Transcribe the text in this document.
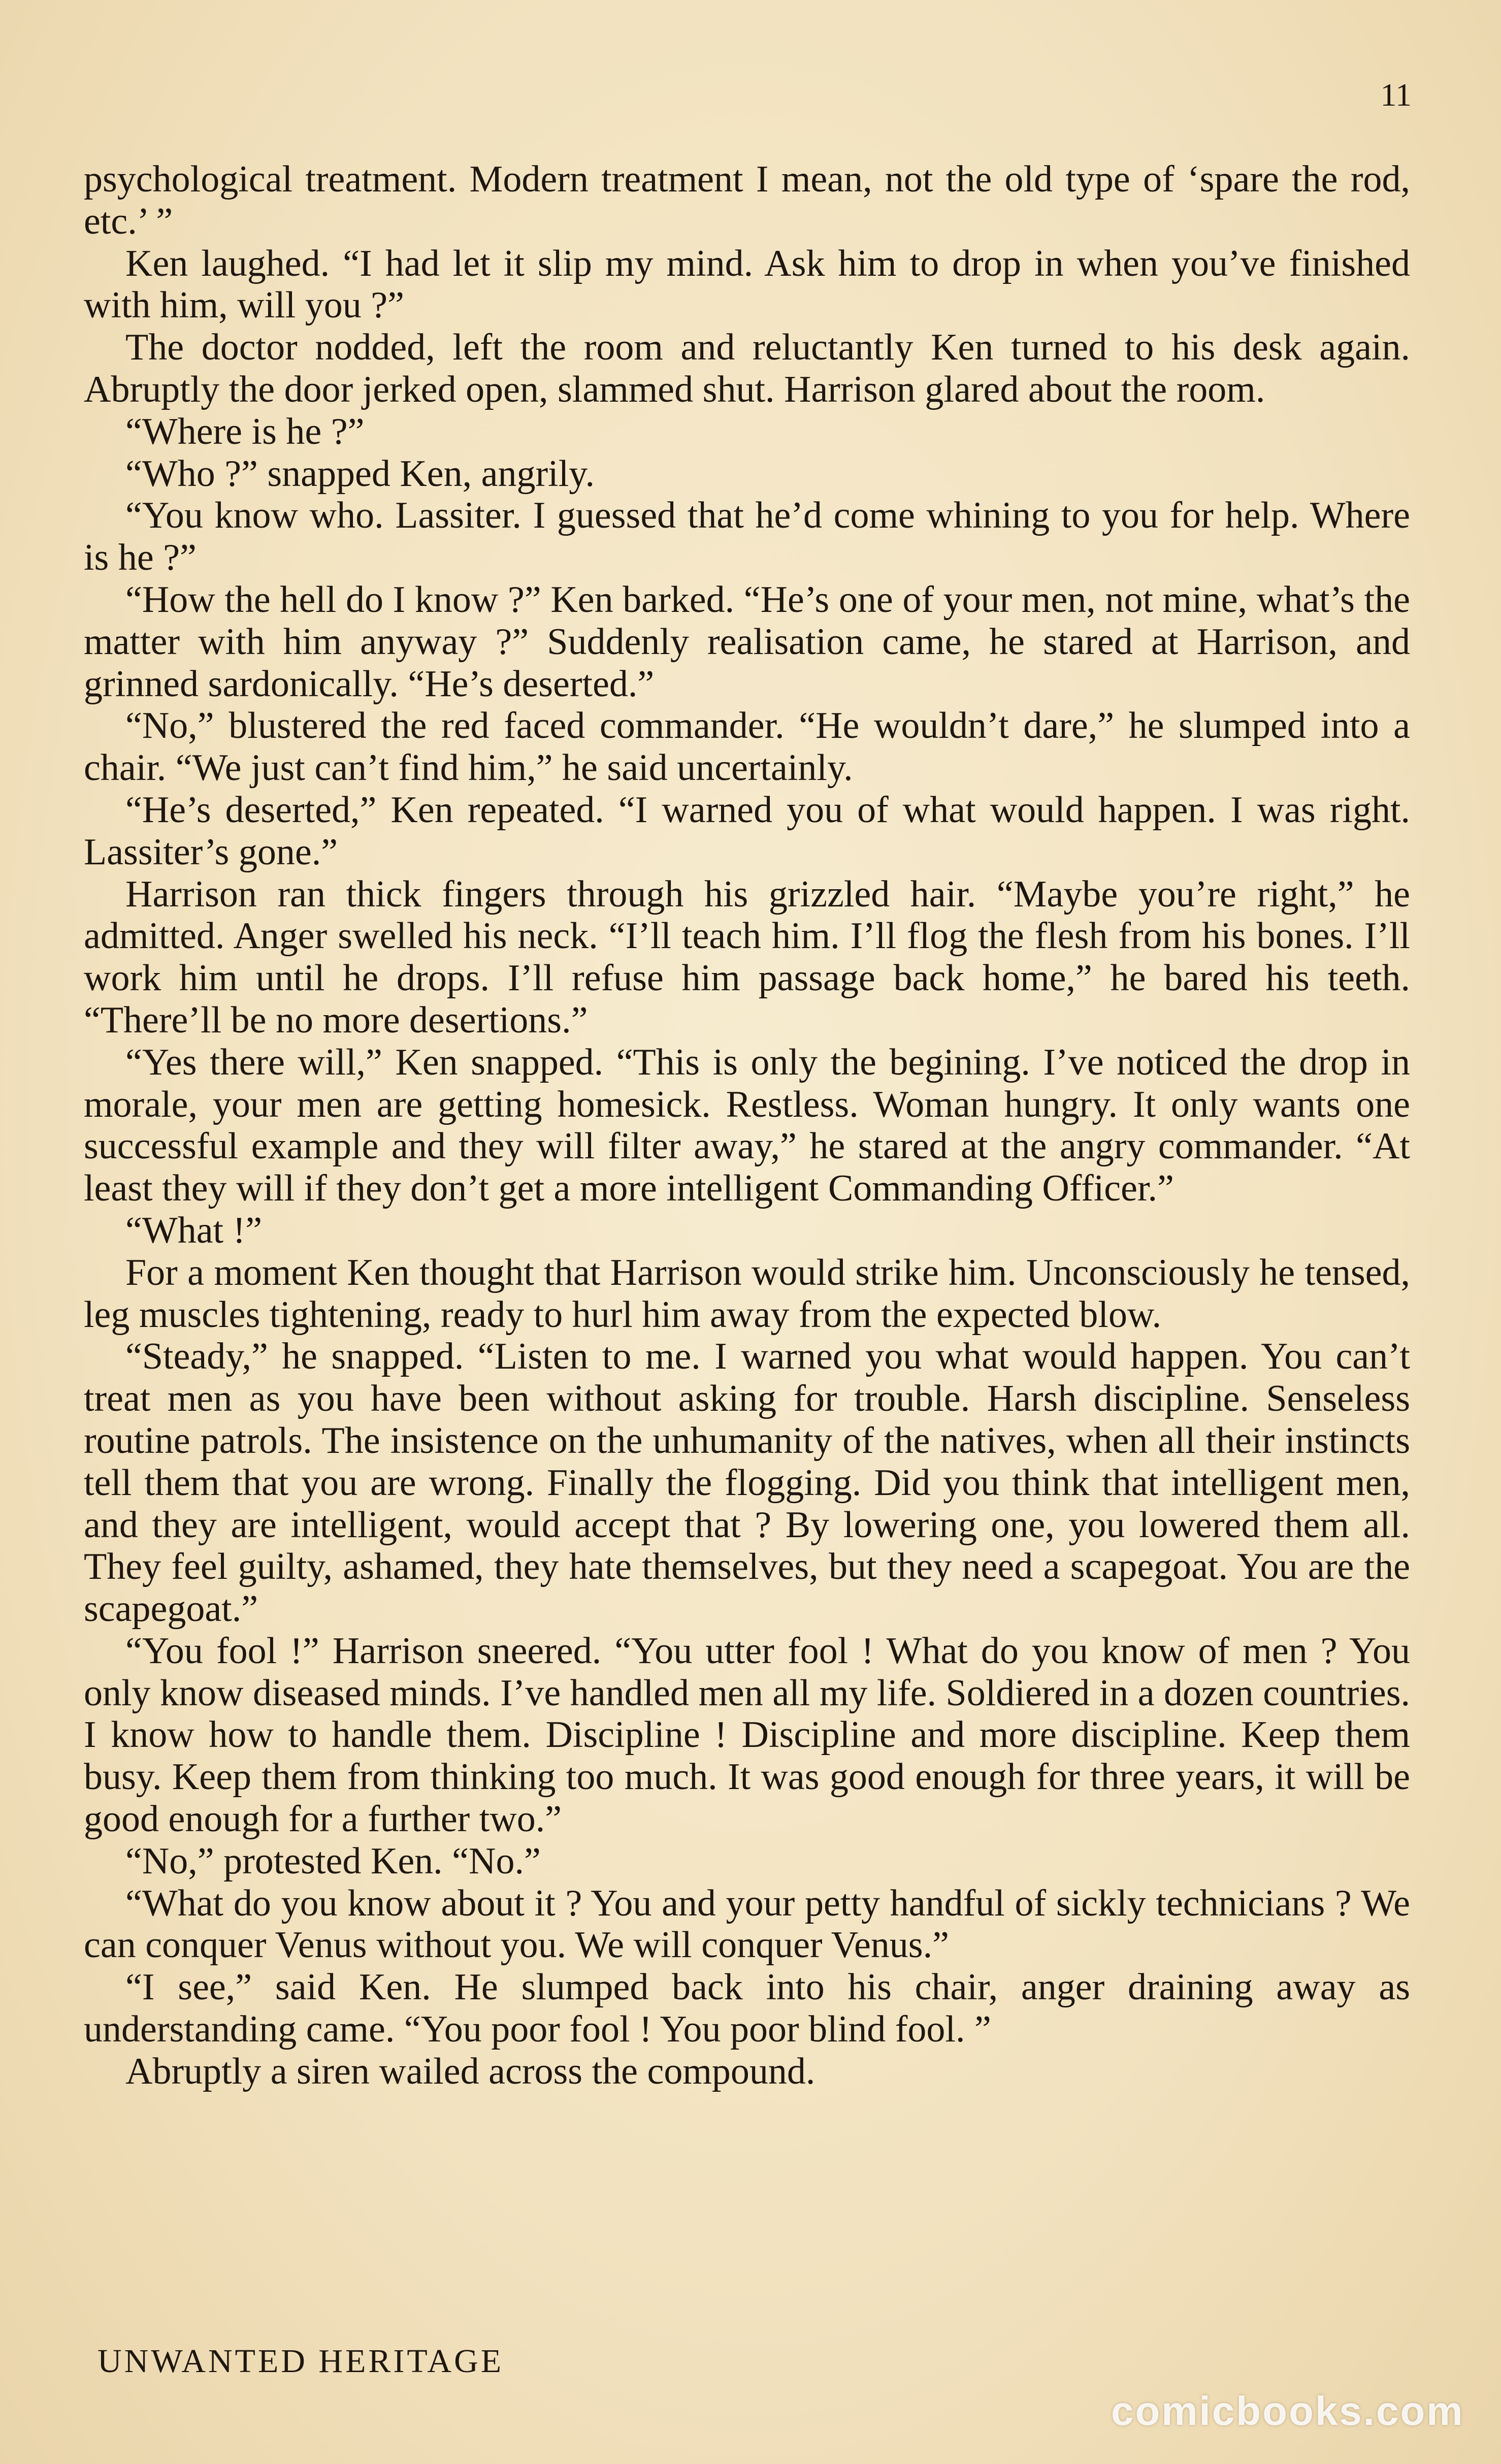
11

psychological treatment. Modern treatment I mean, not the old type of ‘spare the rod, etc.’ ”

Ken laughed. “I had let it slip my mind. Ask him to drop in when you’ve finished with him, will you ?”

The doctor nodded, left the room and reluctantly Ken turned to his desk again. Abruptly the door jerked open, slammed shut. Harrison glared about the room.

“Where is he ?”

“Who ?” snapped Ken, angrily.

“You know who. Lassiter. I guessed that he’d come whining to you for help. Where is he ?”

“How the hell do I know ?” Ken barked. “He’s one of your men, not mine, what’s the matter with him anyway ?” Suddenly realisation came, he stared at Harrison, and grinned sardonically. “He’s deserted.”

“No,” blustered the red faced commander. “He wouldn’t dare,” he slumped into a chair. “We just can’t find him,” he said uncertainly.

“He’s deserted,” Ken repeated. “I warned you of what would happen. I was right. Lassiter’s gone.”

Harrison ran thick fingers through his grizzled hair. “Maybe you’re right,” he admitted. Anger swelled his neck. “I’ll teach him. I’ll flog the flesh from his bones. I’ll work him until he drops. I’ll refuse him passage back home,” he bared his teeth. “There’ll be no more desertions.”

“Yes there will,” Ken snapped. “This is only the begining. I’ve noticed the drop in morale, your men are getting homesick. Restless. Woman hungry. It only wants one successful example and they will filter away,” he stared at the angry commander. “At least they will if they don’t get a more intelligent Commanding Officer.”

“What !”

For a moment Ken thought that Harrison would strike him. Unconsciously he tensed, leg muscles tightening, ready to hurl him away from the expected blow.

“Steady,” he snapped. “Listen to me. I warned you what would happen. You can’t treat men as you have been without asking for trouble. Harsh discipline. Senseless routine patrols. The insistence on the unhumanity of the natives, when all their instincts tell them that you are wrong. Finally the flogging. Did you think that intelligent men, and they are intelligent, would accept that ? By lowering one, you lowered them all. They feel guilty, ashamed, they hate themselves, but they need a scapegoat. You are the scapegoat.”

“You fool !” Harrison sneered. “You utter fool ! What do you know of men ? You only know diseased minds. I’ve handled men all my life. Soldiered in a dozen countries. I know how to handle them. Discipline ! Discipline and more discipline. Keep them busy. Keep them from thinking too much. It was good enough for three years, it will be good enough for a further two.”

“No,” protested Ken. “No.”

“What do you know about it ? You and your petty handful of sickly technicians ? We can conquer Venus without you. We will conquer Venus.”

“I see,” said Ken. He slumped back into his chair, anger draining away as understanding came. “You poor fool ! You poor blind fool. ”

Abruptly a siren wailed across the compound.

UNWANTED HERITAGE
comicbooks.com
